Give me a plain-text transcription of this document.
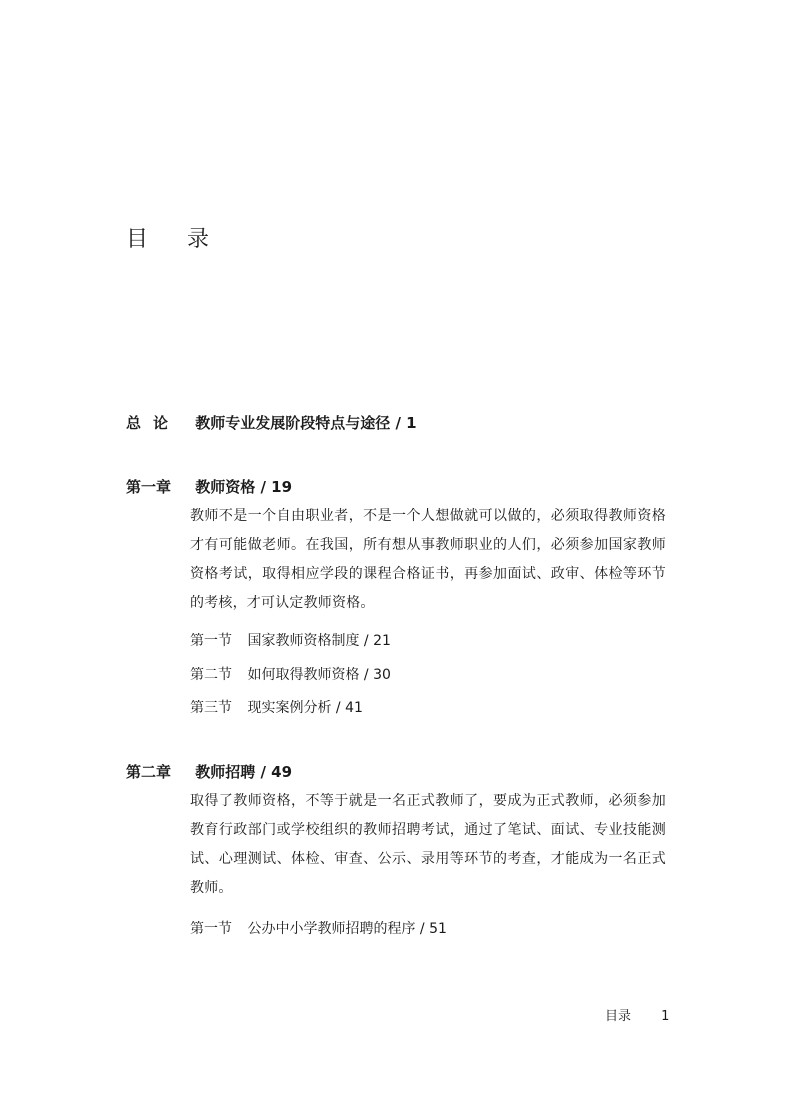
目 录
总论 教师专业发展阶段特点与途径 / 1
第一章 教师资格 / 19
教师不是一个自由职业者，不是一个人想做就可以做的，必须取得教师资格才有可能做老师。在我国，所有想从事教师职业的人们，必须参加国家教师资格考试，取得相应学段的课程合格证书，再参加面试、政审、体检等环节的考核，才可认定教师资格。
第一节 国家教师资格制度 / 21
第二节 如何取得教师资格 / 30
第三节 现实案例分析 / 41
第二章 教师招聘 / 49
取得了教师资格，不等于就是一名正式教师了，要成为正式教师，必须参加教育行政部门或学校组织的教师招聘考试，通过了笔试、面试、专业技能测试、心理测试、体检、审查、公示、录用等环节的考查，才能成为一名正式教师。
第一节 公办中小学教师招聘的程序 / 51
目录 1
